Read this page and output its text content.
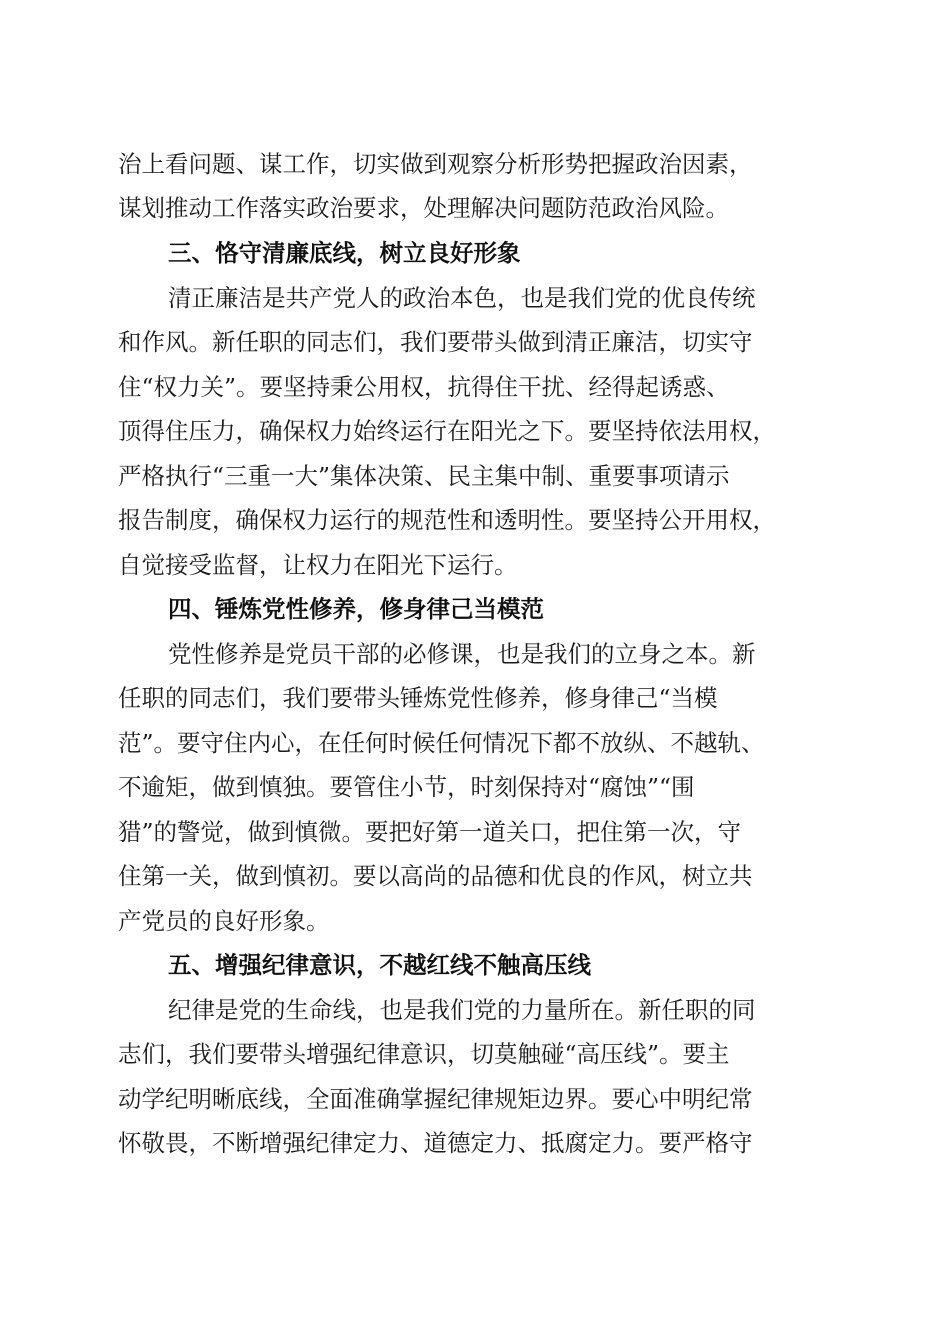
治上看问题、谋工作，切实做到观察分析形势把握政治因素，
谋划推动工作落实政治要求，处理解决问题防范政治风险。
三、恪守清廉底线，树立良好形象
清正廉洁是共产党人的政治本色，也是我们党的优良传统
和作风。新任职的同志们，我们要带头做到清正廉洁，切实守
住“权力关”。要坚持秉公用权，抗得住干扰、经得起诱惑、
顶得住压力，确保权力始终运行在阳光之下。要坚持依法用权，
严格执行“三重一大”集体决策、民主集中制、重要事项请示
报告制度，确保权力运行的规范性和透明性。要坚持公开用权，
自觉接受监督，让权力在阳光下运行。
四、锤炼党性修养，修身律己当模范
党性修养是党员干部的必修课，也是我们的立身之本。新
任职的同志们，我们要带头锤炼党性修养，修身律己“当模
范”。要守住内心，在任何时候任何情况下都不放纵、不越轨、
不逾矩，做到慎独。要管住小节，时刻保持对“腐蚀”“围
猎”的警觉，做到慎微。要把好第一道关口，把住第一次，守
住第一关，做到慎初。要以高尚的品德和优良的作风，树立共
产党员的良好形象。
五、增强纪律意识，不越红线不触高压线
纪律是党的生命线，也是我们党的力量所在。新任职的同
志们，我们要带头增强纪律意识，切莫触碰“高压线”。要主
动学纪明晰底线，全面准确掌握纪律规矩边界。要心中明纪常
怀敬畏，不断增强纪律定力、道德定力、抵腐定力。要严格守
